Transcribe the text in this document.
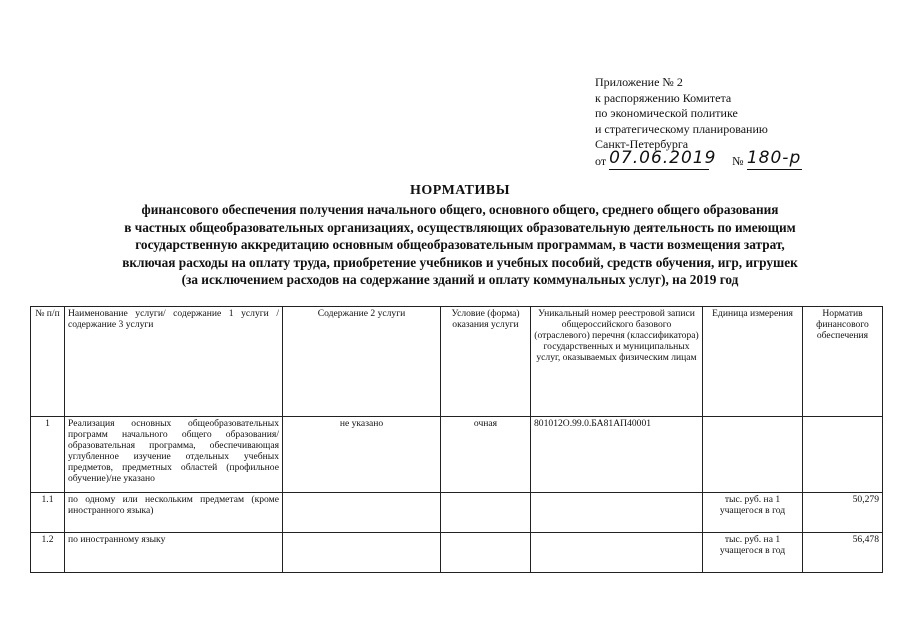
Приложение № 2
к распоряжению Комитета
по экономической политике
и стратегическому планированию
Санкт-Петербурга
от 07.06.2019 № 180-р
НОРМАТИВЫ
финансового обеспечения получения начального общего, основного общего, среднего общего образования
в частных общеобразовательных организациях, осуществляющих образовательную деятельность по имеющим
государственную аккредитацию основным общеобразовательным программам, в части возмещения затрат,
включая расходы на оплату труда, приобретение учебников и учебных пособий, средств обучения, игр, игрушек
(за исключением расходов на содержание зданий и оплату коммунальных услуг), на 2019 год
№ п/п	Наименование услуги/ содержание 1 услуги / содержание 3 услуги	Содержание 2 услуги	Условие (форма) оказания услуги	Уникальный номер реестровой записи общероссийского базового (отраслевого) перечня (классификатора) государственных и муниципальных услуг, оказываемых физическим лицам	Единица измерения	Норматив финансового обеспечения
1	Реализация основных общеобразовательных программ начального общего образования/образовательная программа, обеспечивающая углубленное изучение отдельных учебных предметов, предметных областей (профильное обучение)/не указано	не указано	очная	801012О.99.0.БА81АП40001		
1.1	по одному или нескольким предметам (кроме иностранного языка)				тыс. руб. на 1 учащегося в год	50,279
1.2	по иностранному языку				тыс. руб. на 1 учащегося в год	56,478
